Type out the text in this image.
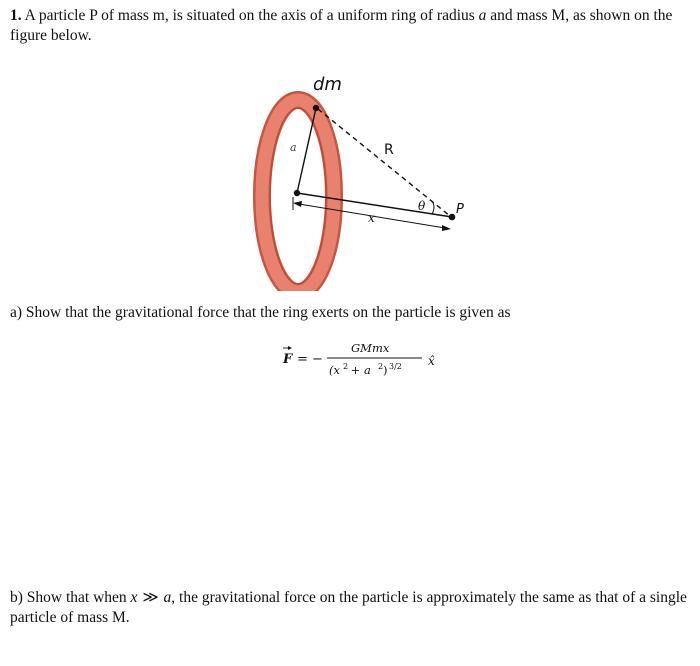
1. A particle P of mass m, is situated on the axis of a uniform ring of radius a and mass M, as shown on the figure below.
dm
a	R
θ P
x
a) Show that the gravitational force that the ring exerts on the particle is given as
F = −
GMmx
(x 2
+ a 2 ) 3/2 x̂
b) Show that when x ≫ a, the gravitational force on the particle is approximately the same as that of a single particle of mass M.
